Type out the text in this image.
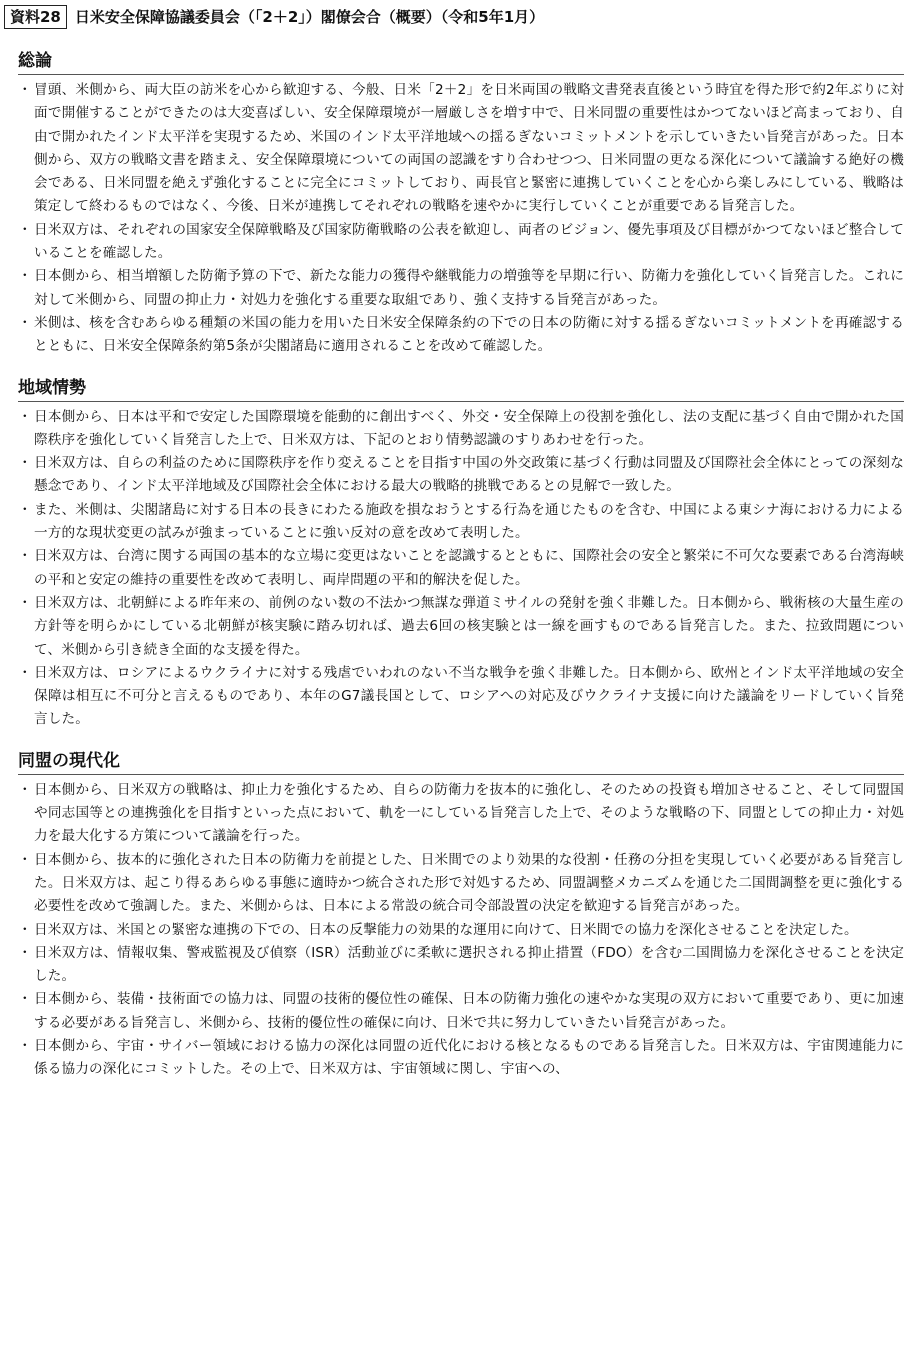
資料28 日米安全保障協議委員会（「2＋2」）閣僚会合（概要）（令和5年1月）
総論
・ 冒頭、米側から、両大臣の訪米を心から歓迎する、今般、日米「2＋2」を日米両国の戦略文書発表直後という時宜を得た形で約2年ぶりに対面で開催することができたのは大変喜ばしい、安全保障環境が一層厳しさを増す中で、日米同盟の重要性はかつてないほど高まっており、自由で開かれたインド太平洋を実現するため、米国のインド太平洋地域への揺るぎないコミットメントを示していきたい旨発言があった。日本側から、双方の戦略文書を踏まえ、安全保障環境についての両国の認識をすり合わせつつ、日米同盟の更なる深化について議論する絶好の機会である、日米同盟を絶えず強化することに完全にコミットしており、両長官と緊密に連携していくことを心から楽しみにしている、戦略は策定して終わるものではなく、今後、日米が連携してそれぞれの戦略を速やかに実行していくことが重要である旨発言した。
・ 日米双方は、それぞれの国家安全保障戦略及び国家防衛戦略の公表を歓迎し、両者のビジョン、優先事項及び目標がかつてないほど整合していることを確認した。
・ 日本側から、相当増額した防衛予算の下で、新たな能力の獲得や継戦能力の増強等を早期に行い、防衛力を強化していく旨発言した。これに対して米側から、同盟の抑止力・対処力を強化する重要な取組であり、強く支持する旨発言があった。
・ 米側は、核を含むあらゆる種類の米国の能力を用いた日米安全保障条約の下での日本の防衛に対する揺るぎないコミットメントを再確認するとともに、日米安全保障条約第5条が尖閣諸島に適用されることを改めて確認した。
地域情勢
・ 日本側から、日本は平和で安定した国際環境を能動的に創出すべく、外交・安全保障上の役割を強化し、法の支配に基づく自由で開かれた国際秩序を強化していく旨発言した上で、日米双方は、下記のとおり情勢認識のすりあわせを行った。
・ 日米双方は、自らの利益のために国際秩序を作り変えることを目指す中国の外交政策に基づく行動は同盟及び国際社会全体にとっての深刻な懸念であり、インド太平洋地域及び国際社会全体における最大の戦略的挑戦であるとの見解で一致した。
・ また、米側は、尖閣諸島に対する日本の長きにわたる施政を損なおうとする行為を通じたものを含む、中国による東シナ海における力による一方的な現状変更の試みが強まっていることに強い反対の意を改めて表明した。
・ 日米双方は、台湾に関する両国の基本的な立場に変更はないことを認識するとともに、国際社会の安全と繁栄に不可欠な要素である台湾海峡の平和と安定の維持の重要性を改めて表明し、両岸問題の平和的解決を促した。
・ 日米双方は、北朝鮮による昨年来の、前例のない数の不法かつ無謀な弾道ミサイルの発射を強く非難した。日本側から、戦術核の大量生産の方針等を明らかにしている北朝鮮が核実験に踏み切れば、過去6回の核実験とは一線を画すものである旨発言した。また、拉致問題について、米側から引き続き全面的な支援を得た。
・ 日米双方は、ロシアによるウクライナに対する残虐でいわれのない不当な戦争を強く非難した。日本側から、欧州とインド太平洋地域の安全保障は相互に不可分と言えるものであり、本年のG7議長国として、ロシアへの対応及びウクライナ支援に向けた議論をリードしていく旨発言した。
同盟の現代化
・ 日本側から、日米双方の戦略は、抑止力を強化するため、自らの防衛力を抜本的に強化し、そのための投資も増加させること、そして同盟国や同志国等との連携強化を目指すといった点において、軌を一にしている旨発言した上で、そのような戦略の下、同盟としての抑止力・対処力を最大化する方策について議論を行った。
・ 日本側から、抜本的に強化された日本の防衛力を前提とした、日米間でのより効果的な役割・任務の分担を実現していく必要がある旨発言した。日米双方は、起こり得るあらゆる事態に適時かつ統合された形で対処するため、同盟調整メカニズムを通じた二国間調整を更に強化する必要性を改めて強調した。また、米側からは、日本による常設の統合司令部設置の決定を歓迎する旨発言があった。
・ 日米双方は、米国との緊密な連携の下での、日本の反撃能力の効果的な運用に向けて、日米間での協力を深化させることを決定した。
・ 日米双方は、情報収集、警戒監視及び偵察（ISR）活動並びに柔軟に選択される抑止措置（FDO）を含む二国間協力を深化させることを決定した。
・ 日本側から、装備・技術面での協力は、同盟の技術的優位性の確保、日本の防衛力強化の速やかな実現の双方において重要であり、更に加速する必要がある旨発言し、米側から、技術的優位性の確保に向け、日米で共に努力していきたい旨発言があった。
・ 日本側から、宇宙・サイバー領域における協力の深化は同盟の近代化における核となるものである旨発言した。日米双方は、宇宙関連能力に係る協力の深化にコミットした。その上で、日米双方は、宇宙領域に関し、宇宙への、
